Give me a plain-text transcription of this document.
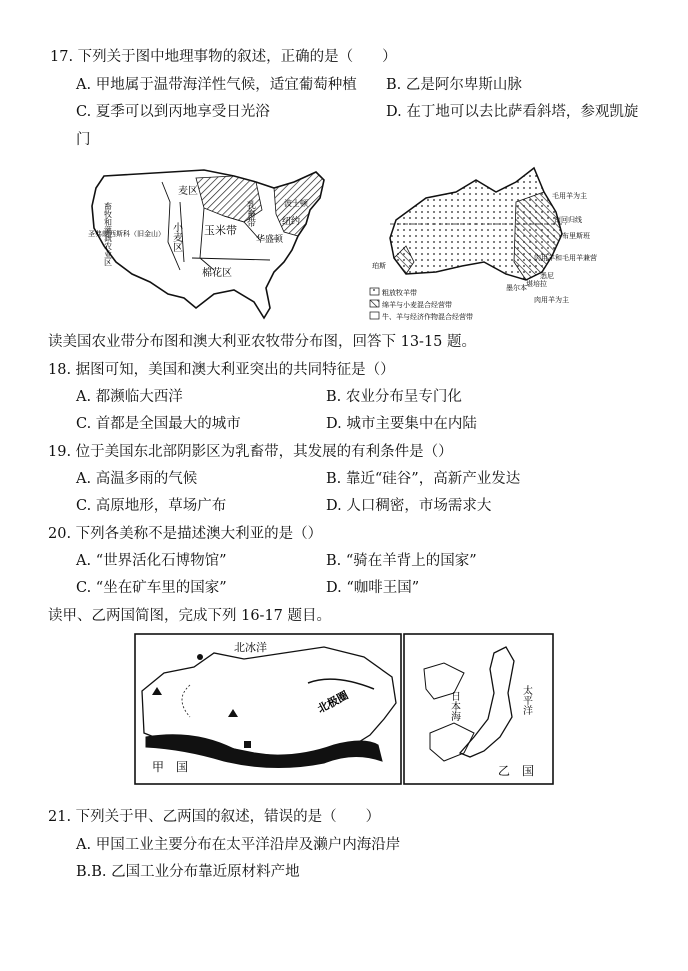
17. 下列关于图中地理事物的叙述，正确的是（　　）
A. 甲地属于温带海洋性气候，适宜葡萄种植 B. 乙是阿尔卑斯山脉
C. 夏季可以到丙地享受日光浴	D. 在丁地可以去比萨看斜塔，参观凯旋
门
麦区
畜牧和灌溉农业区	小麦区 玉米带
棉花区
乳畜带
华盛顿
纽约
波士顿
圣弗朗西斯科（旧金山）
毛用羊为主
南回归线
布里斯班
肉用羊和毛用羊兼营
珀斯
悉尼
堪培拉
墨尔本
肉用羊为主
粗放牧羊带
绵羊与小麦混合经营带
牛、羊与经济作物混合经营带
读美国农业带分布图和澳大利亚农牧带分布图，回答下 13-15 题。
18. 据图可知，美国和澳大利亚突出的共同特征是（）
A. 都濒临大西洋	B. 农业分布呈专门化
C. 首都是全国最大的城市	D. 城市主要集中在内陆
19. 位于美国东北部阴影区为乳畜带，其发展的有利条件是（）
A. 高温多雨的气候	B. 靠近“硅谷”，高新产业发达
C. 高原地形，草场广布	D. 人口稠密，市场需求大
20. 下列各美称不是描述澳大利亚的是（）
A. “世界活化石博物馆”	B. “骑在羊背上的国家”
C. “坐在矿车里的国家”	D. “咖啡王国”
读甲、乙两国简图，完成下列 16-17 题目。
北极圈
北冰洋
甲　国
日本海	太平洋
乙　国
21. 下列关于甲、乙两国的叙述，错误的是（　　）
A. 甲国工业主要分布在太平洋沿岸及濑户内海沿岸
B.B. 乙国工业分布靠近原材料产地
